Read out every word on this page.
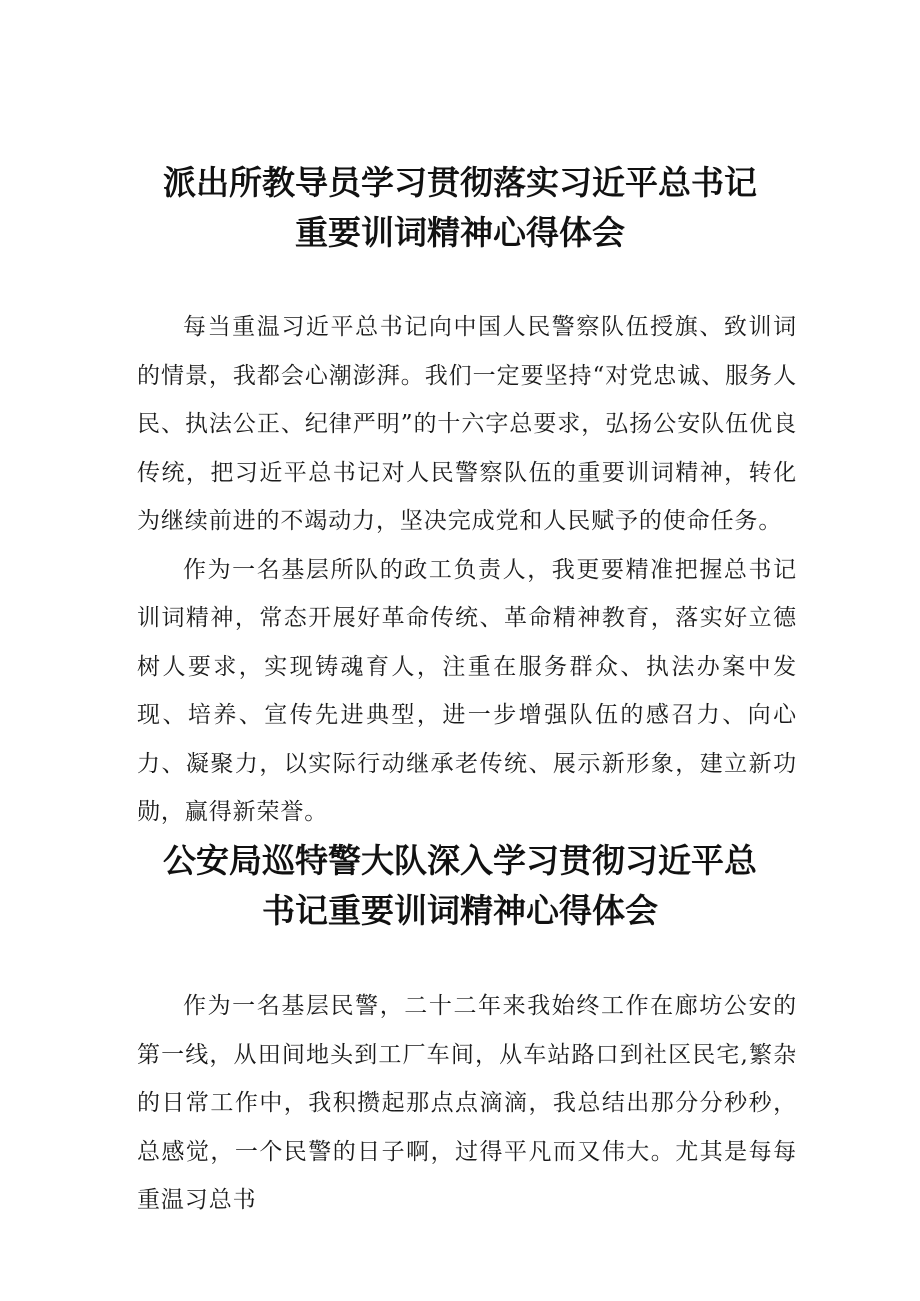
派出所教导员学习贯彻落实习近平总书记
重要训词精神心得体会

每当重温习近平总书记向中国人民警察队伍授旗、致训词的情景，我都会心潮澎湃。我们一定要坚持“对党忠诚、服务人民、执法公正、纪律严明”的十六字总要求，弘扬公安队伍优良传统，把习近平总书记对人民警察队伍的重要训词精神，转化为继续前进的不竭动力，坚决完成党和人民赋予的使命任务。

作为一名基层所队的政工负责人，我更要精准把握总书记训词精神，常态开展好革命传统、革命精神教育，落实好立德树人要求，实现铸魂育人，注重在服务群众、执法办案中发现、培养、宣传先进典型，进一步增强队伍的感召力、向心力、凝聚力，以实际行动继承老传统、展示新形象，建立新功勋，赢得新荣誉。

公安局巡特警大队深入学习贯彻习近平总
书记重要训词精神心得体会

作为一名基层民警，二十二年来我始终工作在廊坊公安的第一线，从田间地头到工厂车间，从车站路口到社区民宅,繁杂的日常工作中，我积攒起那点点滴滴，我总结出那分分秒秒，总感觉，一个民警的日子啊，过得平凡而又伟大。尤其是每每重温习总书
